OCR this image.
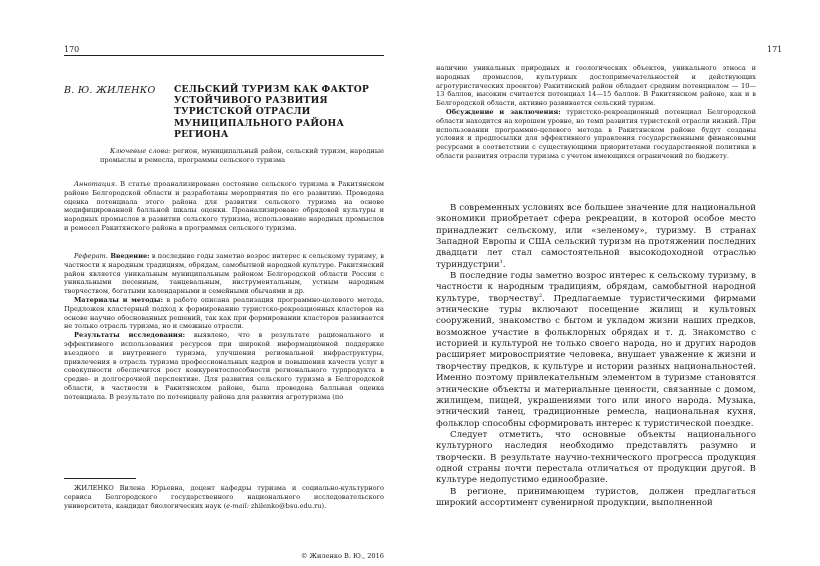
170
В. Ю. ЖИЛЕНКО СЕЛЬСКИЙ ТУРИЗМ КАК ФАКТОР УСТОЙЧИВОГО РАЗВИТИЯ ТУРИСТСКОЙ ОТРАСЛИ МУНИЦИПАЛЬНОГО РАЙОНА РЕГИОНА

Ключевые слова: регион, муниципальный район, сельский туризм, народные промыслы и ремесла, программы сельского туризма

Аннотация. В статье проанализировано состояние сельского туризма в Ракитянском районе Белгородской области и разработаны мероприятия по его развитию. Проведена оценка потенциала этого района для развития сельского туризма на основе модифицированной балльной шкалы оценки. Проанализировано обрядовой культуры и народных промыслов в развитии сельского туризма, использование народных промыслов и ремесел Ракитянского района в программах сельского туризма.

Реферат. Введение: в последние годы заметно возрос интерес к сельскому туризму, в частности к народным традициям, обрядам, самобытной народной культуре. Ракитянский район является уникальным муниципальным районом Белгородской области России с уникальными песенным, танцевальным, инструментальным, устным народным творчеством, богатыми календарными и семейными обычаями и др.

Материалы и методы: в работе описана реализация программно-целевого метода. Предложен кластерный подход к формированию туристско-рекреационных кластеров на основе научно обоснованных решений, так как при формировании кластеров развивается не только отрасль туризма, но и смежные отрасли.

Результаты исследования: выявлено, что в результате рационального и эффективного использования ресурсов при широкой информационной поддержке въездного и внутреннего туризма, улучшения региональной инфраструктуры, привлечения в отрасль туризма профессиональных кадров и повышения качеств услуг в совокупности обеспечится рост конкурентоспособности регионального турпродукта в средне- и долгосрочной перспективе. Для развития сельского туризма в Белгородской области, в частности в Ракитянском районе, была проведена балльная оценка потенциала. В результате по потенциалу района для развития агротуризма (по

ЖИЛЕНКО Вилена Юрьевна, доцент кафедры туризма и социально-культурного сервиса Белгородского государственного национального исследовательского университета, кандидат биологических наук (e-mail: zhilenko@bsu.edu.ru).

© Жиленко В. Ю., 2016

171

наличию уникальных природных и геологических объектов, уникального этноса и народных промыслов, культурных достопримечательностей и действующих агротуристических проектов) Ракитянский район обладает средним потенциалом — 10—13 баллов, высоким считается потенциал 14—15 баллов. В Ракитянском районе, как и в Белгородской области, активно развивается сельский туризм.

Обсуждение и заключения: туристско-рекреационный потенциал Белгородской области находится на хорошем уровне, но темп развития туристской отрасли низкий. При использовании программно-целевого метода в Ракитянском районе будут созданы условия и предпосылки для эффективного управления государственными финансовыми ресурсами в соответствии с существующими приоритетами государственной политики в области развития отрасли туризма с учетом имеющихся ограничений по бюджету.

В современных условиях все большее значение для национальной экономики приобретает сфера рекреации, в которой особое место принадлежит сельскому, или «зеленому», туризму. В странах Западной Европы и США сельский туризм на протяжении последних двадцати лет стал самостоятельной высокодоходной отраслью туриндустрии$^1$.

В последние годы заметно возрос интерес к сельскому туризму, в частности к народным традициям, обрядам, самобытной народной культуре, творчеству$^2$. Предлагаемые туристическими фирмами этнические туры включают посещение жилищ и культовых сооружений, знакомство с бытом и укладом жизни наших предков, возможное участие в фольклорных обрядах и т. д. Знакомство с историей и культурой не только своего народа, но и других народов расширяет мировосприятие человека, внушает уважение к жизни и творчеству предков, к культуре и истории разных национальностей. Именно поэтому привлекательным элементом в туризме становятся этнические объекты и материальные ценности, связанные с домом, жилищем, пищей, украшениями того или иного народа. Музыка, этнический танец, традиционные ремесла, национальная кухня, фольклор способны сформировать интерес к туристической поездке.

Следует отметить, что основные объекты национального культурного наследия необходимо представлять разумно и творчески. В результате научно-технического прогресса продукция одной страны почти перестала отличаться от продукции другой. В культуре недопустимо единообразие.

В регионе, принимающем туристов, должен предлагаться широкий ассортимент сувенирной продукции, выполненной
